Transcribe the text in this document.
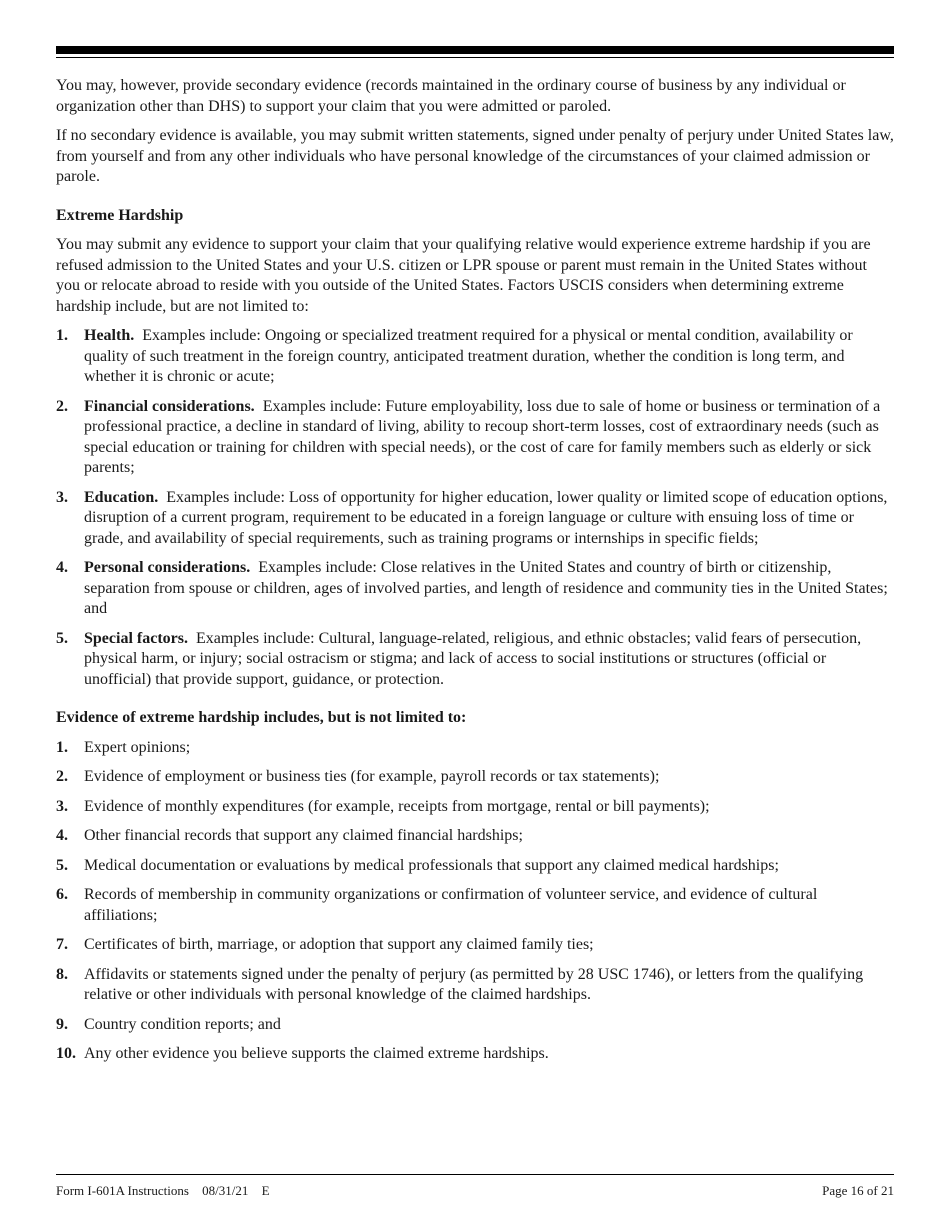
You may, however, provide secondary evidence (records maintained in the ordinary course of business by any individual or organization other than DHS) to support your claim that you were admitted or paroled.

If no secondary evidence is available, you may submit written statements, signed under penalty of perjury under United States law, from yourself and from any other individuals who have personal knowledge of the circumstances of your claimed admission or parole.

Extreme Hardship

You may submit any evidence to support your claim that your qualifying relative would experience extreme hardship if you are refused admission to the United States and your U.S. citizen or LPR spouse or parent must remain in the United States without you or relocate abroad to reside with you outside of the United States. Factors USCIS considers when determining extreme hardship include, but are not limited to:

1. Health. Examples include: Ongoing or specialized treatment required for a physical or mental condition, availability or quality of such treatment in the foreign country, anticipated treatment duration, whether the condition is long term, and whether it is chronic or acute;
2. Financial considerations. Examples include: Future employability, loss due to sale of home or business or termination of a professional practice, a decline in standard of living, ability to recoup short-term losses, cost of extraordinary needs (such as special education or training for children with special needs), or the cost of care for family members such as elderly or sick parents;
3. Education. Examples include: Loss of opportunity for higher education, lower quality or limited scope of education options, disruption of a current program, requirement to be educated in a foreign language or culture with ensuing loss of time or grade, and availability of special requirements, such as training programs or internships in specific fields;
4. Personal considerations. Examples include: Close relatives in the United States and country of birth or citizenship, separation from spouse or children, ages of involved parties, and length of residence and community ties in the United States; and
5. Special factors. Examples include: Cultural, language-related, religious, and ethnic obstacles; valid fears of persecution, physical harm, or injury; social ostracism or stigma; and lack of access to social institutions or structures (official or unofficial) that provide support, guidance, or protection.
Evidence of extreme hardship includes, but is not limited to:
1. Expert opinions;
2. Evidence of employment or business ties (for example, payroll records or tax statements);
3. Evidence of monthly expenditures (for example, receipts from mortgage, rental or bill payments);
4. Other financial records that support any claimed financial hardships;
5. Medical documentation or evaluations by medical professionals that support any claimed medical hardships;
6. Records of membership in community organizations or confirmation of volunteer service, and evidence of cultural affiliations;
7. Certificates of birth, marriage, or adoption that support any claimed family ties;
8. Affidavits or statements signed under the penalty of perjury (as permitted by 28 USC 1746), or letters from the qualifying relative or other individuals with personal knowledge of the claimed hardships.
9. Country condition reports; and
10. Any other evidence you believe supports the claimed extreme hardships.
Form I-601A Instructions 08/31/21 E	Page 16 of 21
